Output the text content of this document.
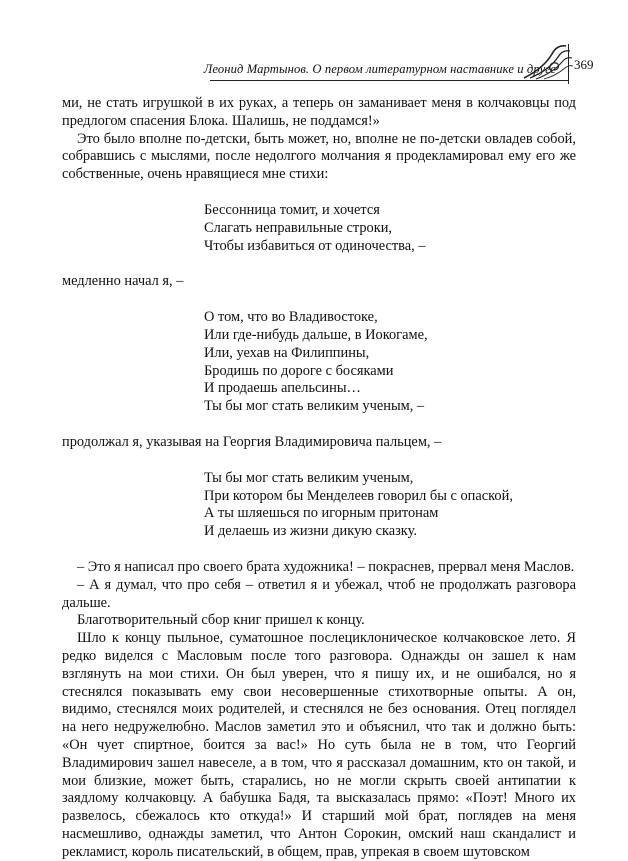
Леонид Мартынов. О первом литературном наставнике и друге 369

ми, не стать игрушкой в их руках, а теперь он заманивает меня в колчаковцы под предлогом спасения Блока. Шалишь, не поддамся!»

Это было вполне по-детски, быть может, но, вполне не по-детски овладев собой, собравшись с мыслями, после недолгого молчания я продекламировал ему его же собственные, очень нравящиеся мне стихи:

Бессонница томит, и хочется
Слагать неправильные строки,
Чтобы избавиться от одиночества, –

медленно начал я, –

О том, что во Владивостоке,
Или где-нибудь дальше, в Иокогаме,
Или, уехав на Филиппины,
Бродишь по дороге с босяками
И продаешь апельсины…
Ты бы мог стать великим ученым, –

продолжал я, указывая на Георгия Владимировича пальцем, –

Ты бы мог стать великим ученым,
При котором бы Менделеев говорил бы с опаской,
А ты шляешься по игорным притонам
И делаешь из жизни дикую сказку.

– Это я написал про своего брата художника! – покраснев, прервал меня Маслов.

– А я думал, что про себя – ответил я и убежал, чтоб не продолжать разговора дальше.

Благотворительный сбор книг пришел к концу.

Шло к концу пыльное, суматошное послециклоническое колчаковское лето. Я редко виделся с Масловым после того разговора. Однажды он зашел к нам взглянуть на мои стихи. Он был уверен, что я пишу их, и не ошибался, но я стеснялся показывать ему свои несовершенные стихотворные опыты. А он, видимо, стеснялся моих родителей, и стеснялся не без основания. Отец поглядел на него недружелюбно. Маслов заметил это и объяснил, что так и должно быть: «Он чует спиртное, боится за вас!» Но суть была не в том, что Георгий Владимирович зашел навеселе, а в том, что я рассказал домашним, кто он такой, и мои близкие, может быть, старались, но не могли скрыть своей антипатии к заядлому колчаковцу. А бабушка Бадя, та высказалась прямо: «Поэт! Много их развелось, сбежалось кто откуда!» И старший мой брат, поглядев на меня насмешливо, однажды заметил, что Антон Сорокин, омский наш скандалист и рекламист, король писательский, в общем, прав, упрекая в своем шутовском
